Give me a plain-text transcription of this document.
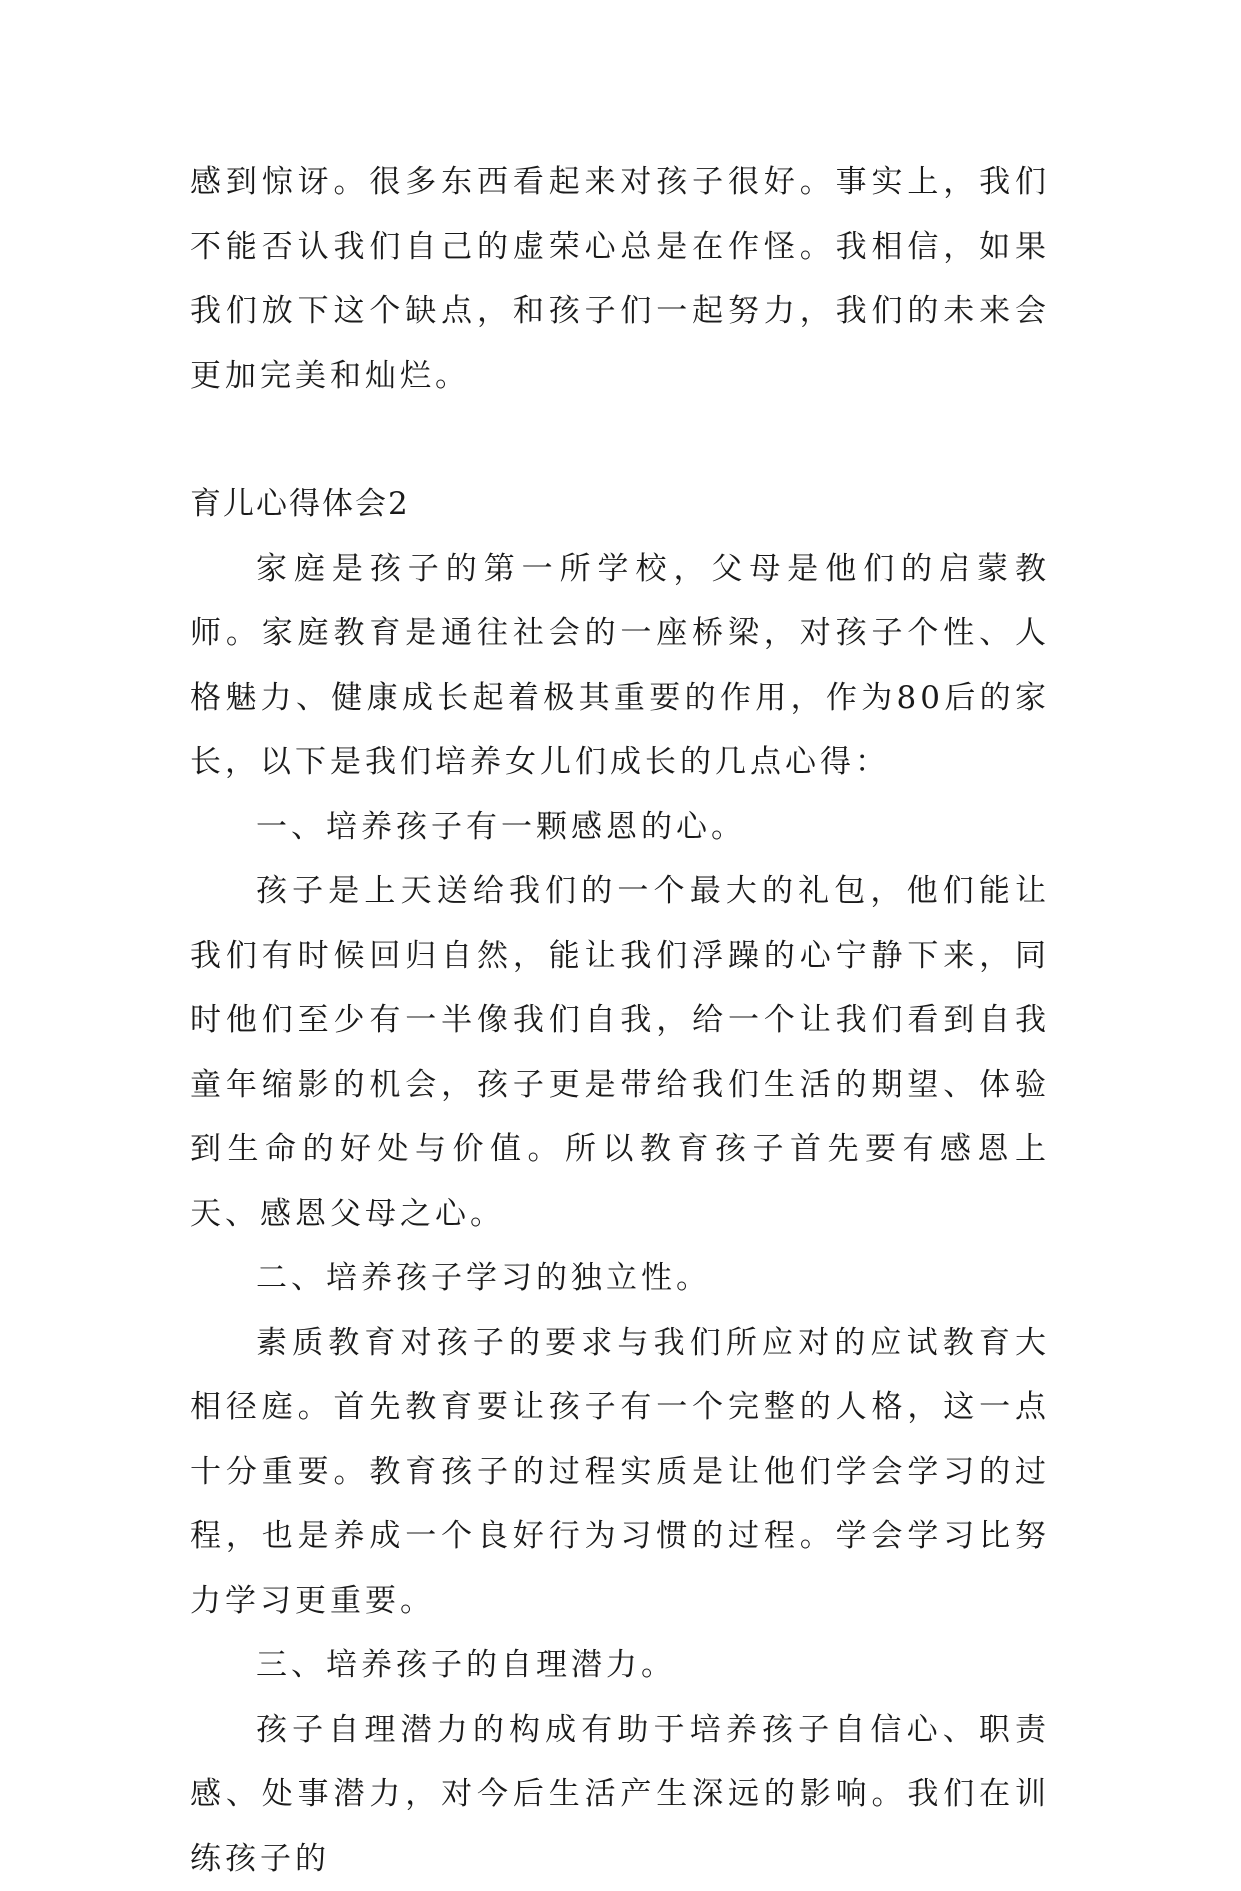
感到惊讶。很多东西看起来对孩子很好。事实上，我们不能否认我们自己的虚荣心总是在作怪。我相信，如果我们放下这个缺点，和孩子们一起努力，我们的未来会更加完美和灿烂。

育儿心得体会2

家庭是孩子的第一所学校，父母是他们的启蒙教师。家庭教育是通往社会的一座桥梁，对孩子个性、人格魅力、健康成长起着极其重要的作用，作为80后的家长，以下是我们培养女儿们成长的几点心得：

一、培养孩子有一颗感恩的心。

孩子是上天送给我们的一个最大的礼包，他们能让我们有时候回归自然，能让我们浮躁的心宁静下来，同时他们至少有一半像我们自我，给一个让我们看到自我童年缩影的机会，孩子更是带给我们生活的期望、体验到生命的好处与价值。所以教育孩子首先要有感恩上天、感恩父母之心。

二、培养孩子学习的独立性。

素质教育对孩子的要求与我们所应对的应试教育大相径庭。首先教育要让孩子有一个完整的人格，这一点十分重要。教育孩子的过程实质是让他们学会学习的过程，也是养成一个良好行为习惯的过程。学会学习比努力学习更重要。

三、培养孩子的自理潜力。

孩子自理潜力的构成有助于培养孩子自信心、职责感、处事潜力，对今后生活产生深远的影响。我们在训练孩子的
